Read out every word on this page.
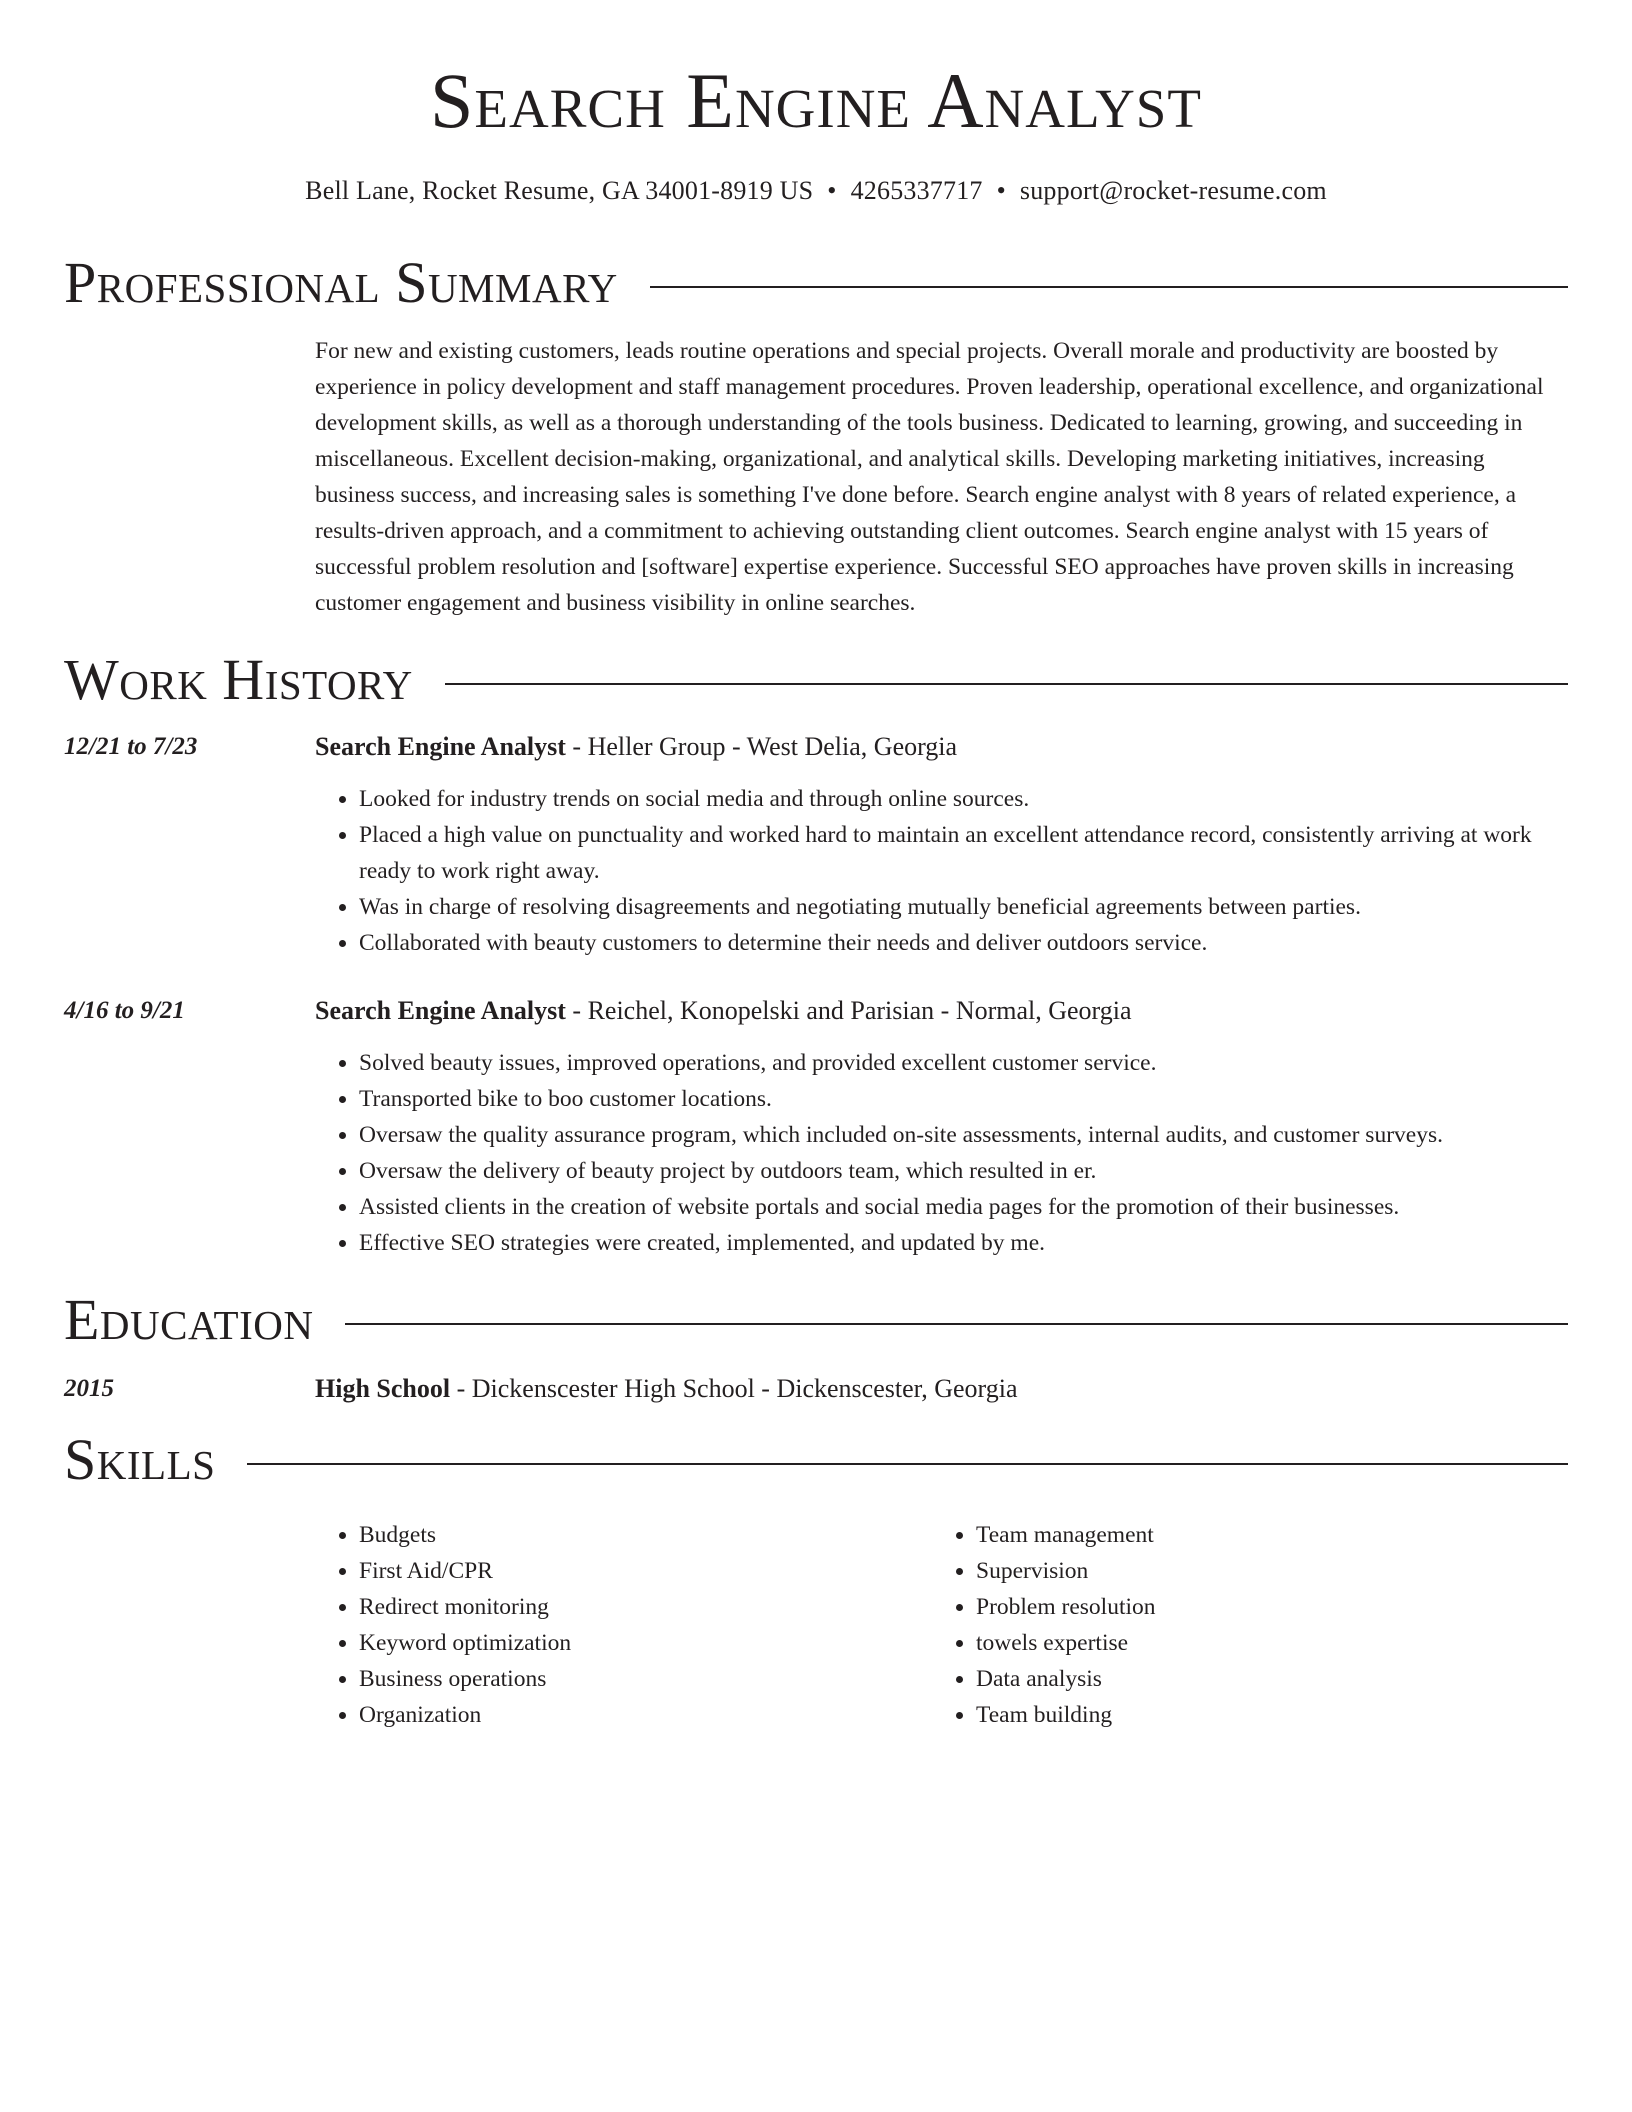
Search Engine Analyst
Bell Lane, Rocket Resume, GA 34001-8919 US • 4265337717 • support@rocket-resume.com
Professional Summary
For new and existing customers, leads routine operations and special projects. Overall morale and productivity are boosted by experience in policy development and staff management procedures. Proven leadership, operational excellence, and organizational development skills, as well as a thorough understanding of the tools business. Dedicated to learning, growing, and succeeding in miscellaneous. Excellent decision-making, organizational, and analytical skills. Developing marketing initiatives, increasing business success, and increasing sales is something I've done before. Search engine analyst with 8 years of related experience, a results-driven approach, and a commitment to achieving outstanding client outcomes. Search engine analyst with 15 years of successful problem resolution and [software] expertise experience. Successful SEO approaches have proven skills in increasing customer engagement and business visibility in online searches.
Work History
12/21 to 7/23	Search Engine Analyst - Heller Group - West Delia, Georgia
• Looked for industry trends on social media and through online sources.
• Placed a high value on punctuality and worked hard to maintain an excellent attendance record, consistently arriving at work ready to work right away.
• Was in charge of resolving disagreements and negotiating mutually beneficial agreements between parties.
• Collaborated with beauty customers to determine their needs and deliver outdoors service.
4/16 to 9/21	Search Engine Analyst - Reichel, Konopelski and Parisian - Normal, Georgia
• Solved beauty issues, improved operations, and provided excellent customer service.
• Transported bike to boo customer locations.
• Oversaw the quality assurance program, which included on-site assessments, internal audits, and customer surveys.
• Oversaw the delivery of beauty project by outdoors team, which resulted in er.
• Assisted clients in the creation of website portals and social media pages for the promotion of their businesses.
• Effective SEO strategies were created, implemented, and updated by me.
Education
2015	High School - Dickenscester High School - Dickenscester, Georgia
Skills
• Budgets
• First Aid/CPR
• Redirect monitoring
• Keyword optimization
• Business operations
• Organization
• Team management
• Supervision
• Problem resolution
• towels expertise
• Data analysis
• Team building
